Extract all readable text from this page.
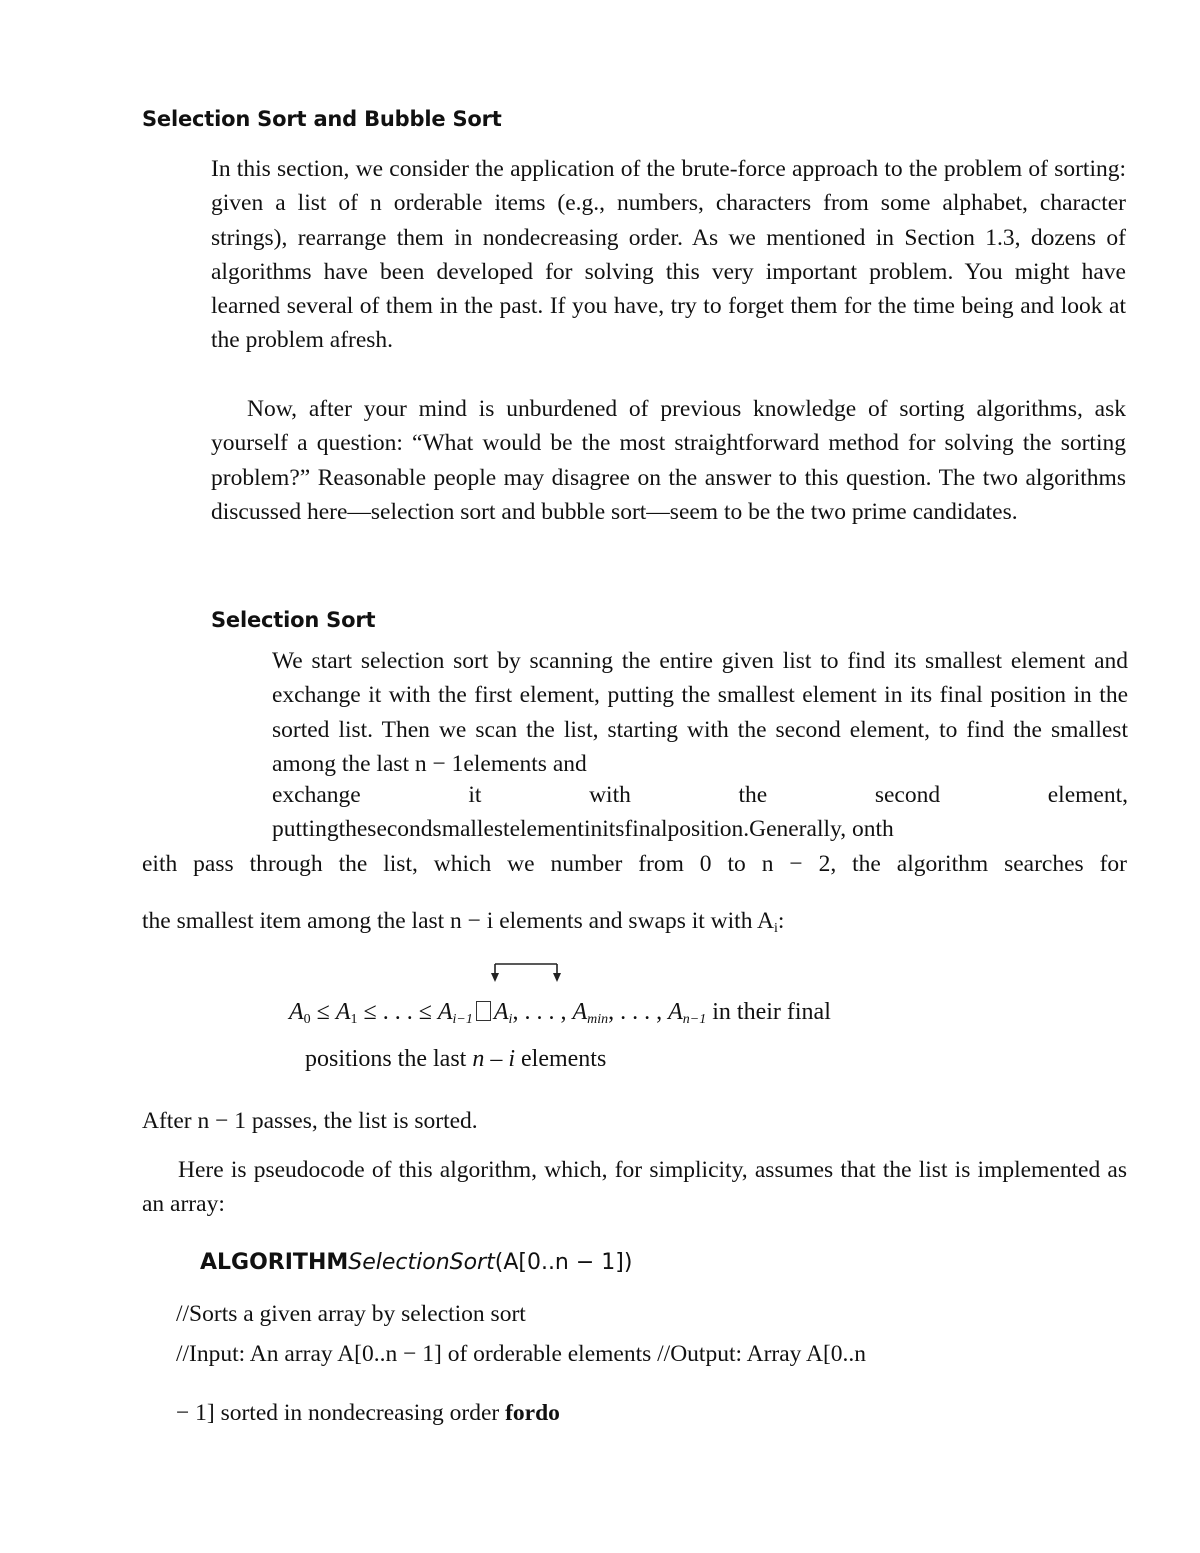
Selection Sort and Bubble Sort
In this section, we consider the application of the brute-force approach to the problem of sorting: given a list of n orderable items (e.g., numbers, characters from some alphabet, character strings), rearrange them in nondecreasing order. As we mentioned in Section 1.3, dozens of algorithms have been developed for solving this very important problem. You might have learned several of them in the past. If you have, try to forget them for the time being and look at the problem afresh.
Now, after your mind is unburdened of previous knowledge of sorting algorithms, ask yourself a question: “What would be the most straightforward method for solving the sorting problem?” Reasonable people may disagree on the answer to this question. The two algorithms discussed here—selection sort and bubble sort—seem to be the two prime candidates.
Selection Sort
We start selection sort by scanning the entire given list to find its smallest element and exchange it with the first element, putting the smallest element in its final position in the sorted list. Then we scan the list, starting with the second element, to find the smallest among the last n − 1elements and
exchange it with the second element,
puttingthesecondsmallestelementinitsfinalposition.Generally, onth
eith pass through the list, which we number from 0 to n − 2, the algorithm searches for
the smallest item among the last n − i elements and swaps it with $A_i$:
$A_0 \le A_1$ ≤ . . . ≤ $A_{i-1}$ $A_i$, . . . , $A_{min}$, . . . , $A_{n-1}$ in their final
positions the last n – i elements
After n − 1 passes, the list is sorted.
Here is pseudocode of this algorithm, which, for simplicity, assumes that the list is implemented as an array:
ALGORITHMSelectionSort(A[0..n − 1])
//Sorts a given array by selection sort
//Input: An array A[0..n − 1] of orderable elements //Output: Array A[0..n
− 1] sorted in nondecreasing order fordo
